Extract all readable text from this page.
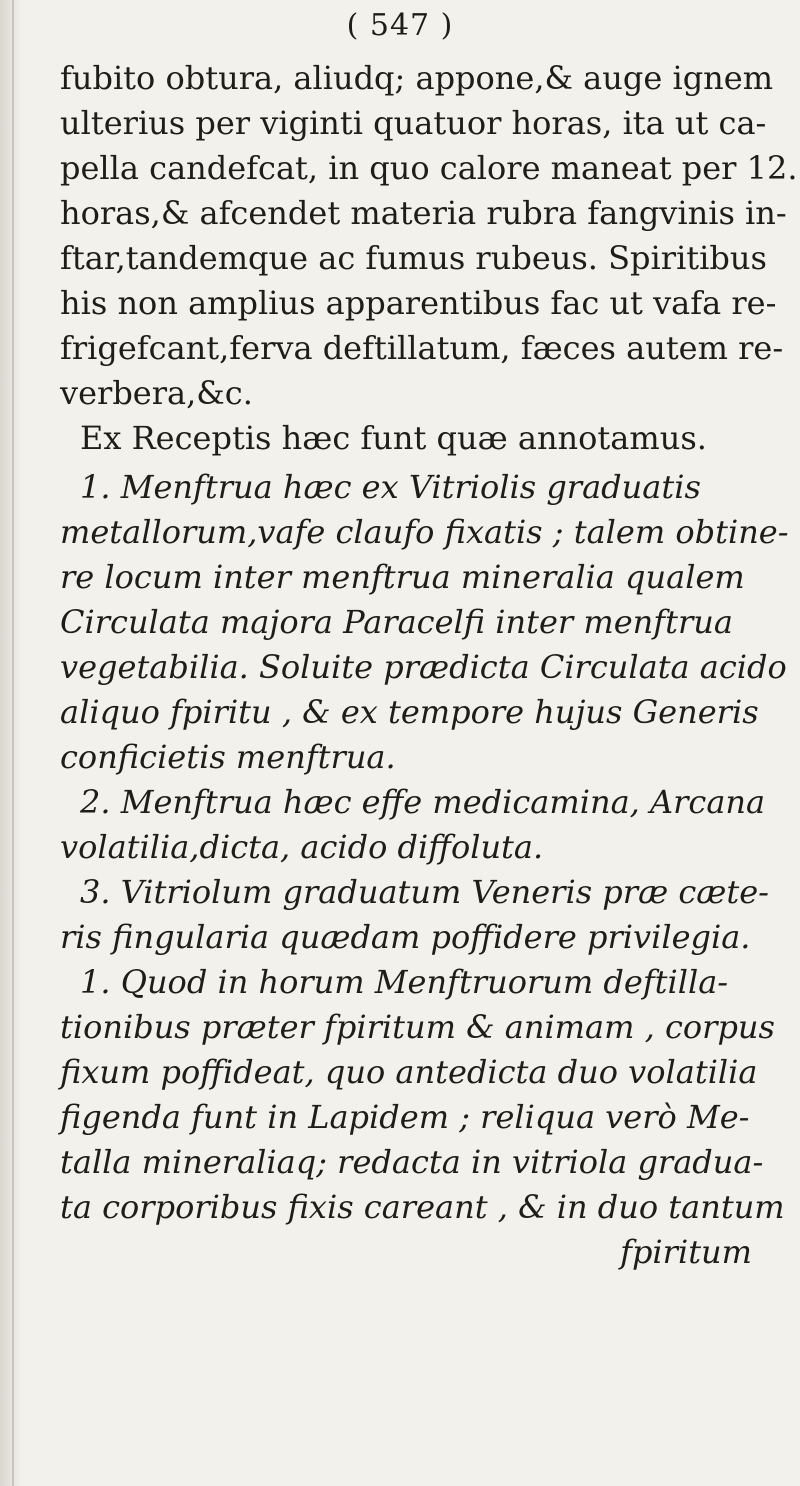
( 547 )
fubito obtura, aliudq; appone,& auge ignem
ulterius per viginti quatuor horas, ita ut ca-
pella candefcat, in quo calore maneat per 12.
horas,& afcendet materia rubra fangvinis in-
ftar,tandemque ac fumus rubeus. Spiritibus
his non amplius apparentibus fac ut vafa re-
frigefcant,ferva deftillatum, fæces autem re-
verbera,&c.
Ex Receptis hæc funt quæ annotamus.
1. Menftrua hæc ex Vitriolis graduatis
metallorum,vafe claufo fixatis ; talem obtine-
re locum inter menftrua mineralia qualem
Circulata majora Paracelfi inter menftrua
vegetabilia. Soluite prædicta Circulata acido
aliquo fpiritu , & ex tempore hujus Generis
conficietis menftrua.
2. Menftrua hæc effe medicamina, Arcana
volatilia,dicta, acido diffoluta.
3. Vitriolum graduatum Veneris præ cæte-
ris fingularia quædam poffidere privilegia.
1. Quod in horum Menftruorum deftilla-
tionibus præter fpiritum & animam , corpus
fixum poffideat, quo antedicta duo volatilia
figenda funt in Lapidem ; reliqua verò Me-
talla mineraliaq; redacta in vitriola gradua-
ta corporibus fixis careant , & in duo tantum
fpiritum
